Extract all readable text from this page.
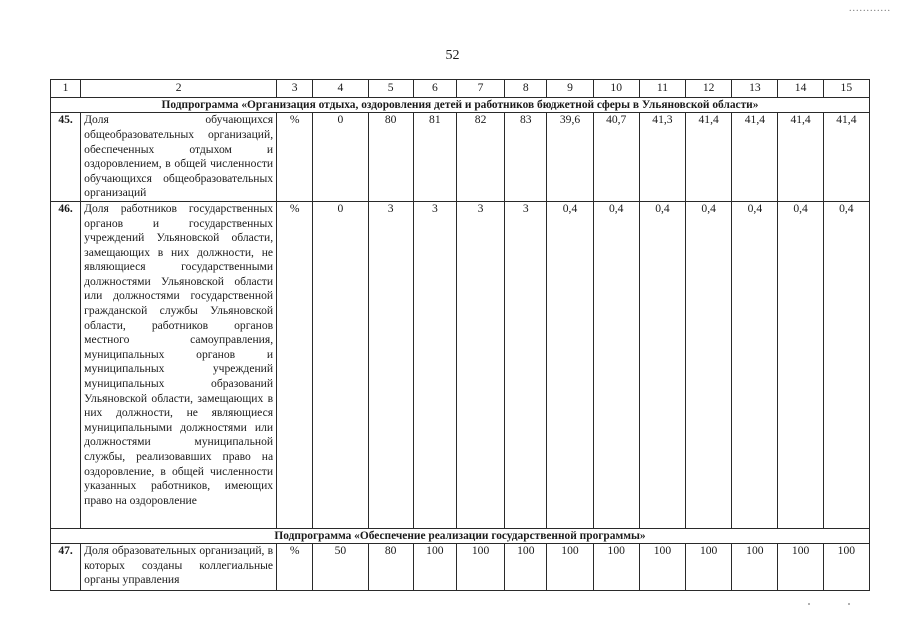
............
52
1	2	3	4	5	6	7	8	9	10	11	12	13	14	15
Подпрограмма «Организация отдыха, оздоровления детей и работников бюджетной сферы в Ульяновской области»														
45.	Доля обучающихся общеобразовательных организаций, обеспеченных отдыхом и оздоровлением, в общей численности обучающихся общеобразовательных организаций	%	0	80	81	82	83	39,6	40,7	41,3	41,4	41,4	41,4	41,4
46.	Доля работников государственных органов и государственных учреждений Ульяновской области, замещающих в них должности, не являющиеся государственными должностями Ульяновской области или должностями государственной гражданской службы Ульяновской области, работников органов местного самоуправления, муниципальных органов и муниципальных учреждений муниципальных образований Ульяновской области, замещающих в них должности, не являющиеся муниципальными должностями или должностями муниципальной службы, реализовавших право на оздоровление, в общей численности указанных работников, имеющих право на оздоровление	%	0	3	3	3	3	0,4	0,4	0,4	0,4	0,4	0,4	0,4
Подпрограмма «Обеспечение реализации государственной программы»														
47.	Доля образовательных организаций, в которых созданы коллегиальные органы управления	%	50	80	100	100	100	100	100	100	100	100	100	100
